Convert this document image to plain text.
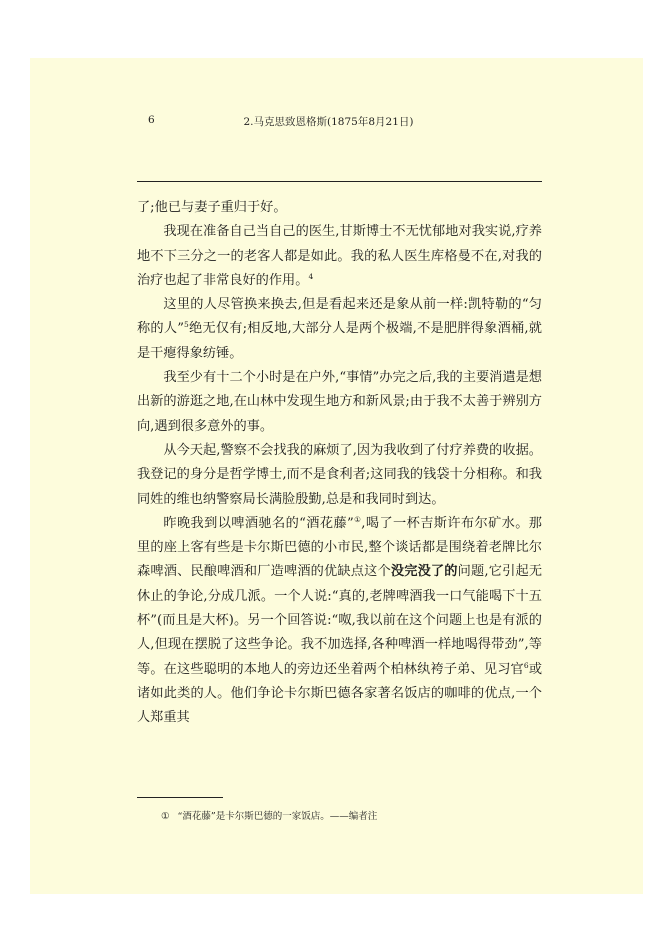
6	2.马克思致恩格斯(1875年8月21日)

了;他已与妻子重归于好。

我现在准备自己当自己的医生,甘斯博士不无忧郁地对我实说,疗养地不下三分之一的老客人都是如此。我的私人医生库格曼不在,对我的治疗也起了非常良好的作用。$^4$

这里的人尽管换来换去,但是看起来还是象从前一样:凯特勒的“匀称的人”$^5$绝无仅有;相反地,大部分人是两个极端,不是肥胖得象酒桶,就是干瘪得象纺锤。

我至少有十二个小时是在户外,“事情”办完之后,我的主要消遣是想出新的游逛之地,在山林中发现生地方和新风景;由于我不太善于辨别方向,遇到很多意外的事。

从今天起,警察不会找我的麻烦了,因为我收到了付疗养费的收据。我登记的身分是哲学博士,而不是食利者;这同我的钱袋十分相称。和我同姓的维也纳警察局长满脸殷勤,总是和我同时到达。

昨晚我到以啤酒驰名的“酒花藤”①,喝了一杯吉斯许布尔矿水。那里的座上客有些是卡尔斯巴德的小市民,整个谈话都是围绕着老牌比尔森啤酒、民酿啤酒和厂造啤酒的优缺点这个没完没了的问题,它引起无休止的争论,分成几派。一个人说:“真的,老牌啤酒我一口气能喝下十五杯”(而且是大杯)。另一个回答说:“呶,我以前在这个问题上也是有派的人,但现在摆脱了这些争论。我不加选择,各种啤酒一样地喝得带劲”,等等。在这些聪明的本地人的旁边还坐着两个柏林纨袴子弟、见习官$^6$或诸如此类的人。他们争论卡尔斯巴德各家著名饭店的咖啡的优点,一个人郑重其

① “酒花藤”是卡尔斯巴德的一家饭店。——编者注
